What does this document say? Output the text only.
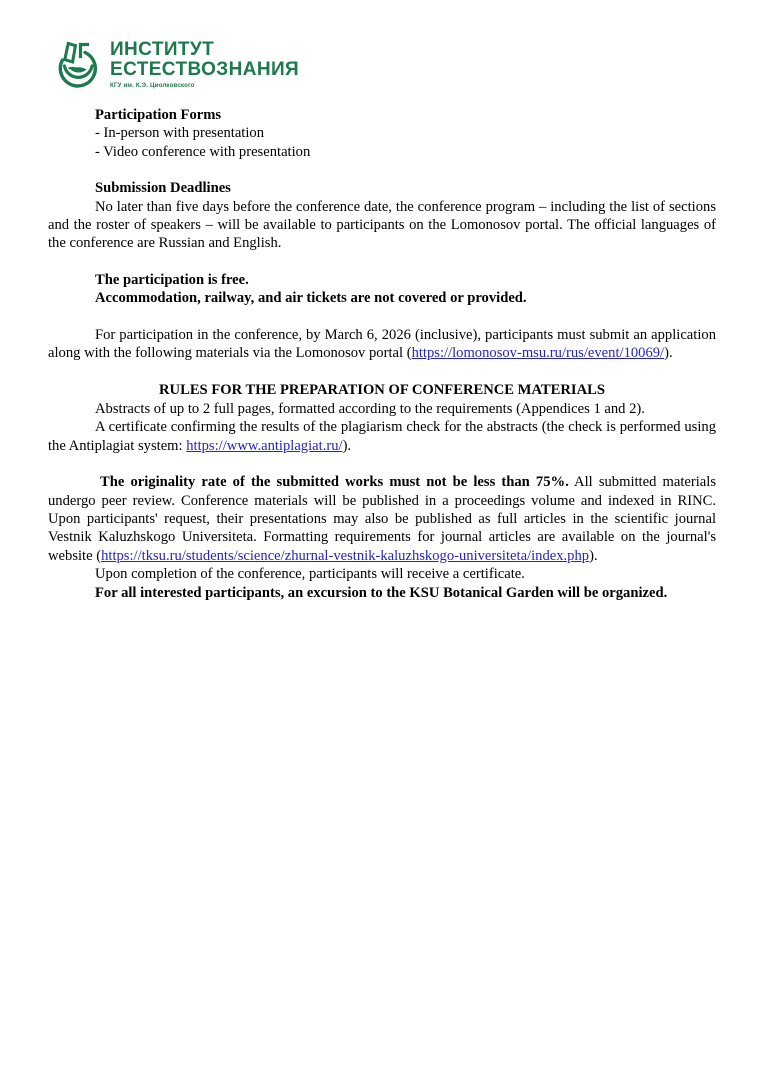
ИНСТИТУТ
ЕСТЕСТВОЗНАНИЯ
КГУ им. К.Э. Циолковского

Participation Forms

- In-person with presentation

- Video conference with presentation

Submission Deadlines

No later than five days before the conference date, the conference program – including the list of sections and the roster of speakers – will be available to participants on the Lomonosov portal. The official languages of the conference are Russian and English.

The participation is free.

Accommodation, railway, and air tickets are not covered or provided.

For participation in the conference, by March 6, 2026 (inclusive), participants must submit an application along with the following materials via the Lomonosov portal (https://lomonosov-msu.ru/rus/event/10069/).

RULES FOR THE PREPARATION OF CONFERENCE MATERIALS

Abstracts of up to 2 full pages, formatted according to the requirements (Appendices 1 and 2).

A certificate confirming the results of the plagiarism check for the abstracts (the check is performed using the Antiplagiat system: https://www.antiplagiat.ru/).

The originality rate of the submitted works must not be less than 75%. All submitted materials undergo peer review. Conference materials will be published in a proceedings volume and indexed in RINC. Upon participants' request, their presentations may also be published as full articles in the scientific journal Vestnik Kaluzhskogo Universiteta. Formatting requirements for journal articles are available on the journal's website (https://tksu.ru/students/science/zhurnal-vestnik-kaluzhskogo-universiteta/index.php).

Upon completion of the conference, participants will receive a certificate.

For all interested participants, an excursion to the KSU Botanical Garden will be organized.
